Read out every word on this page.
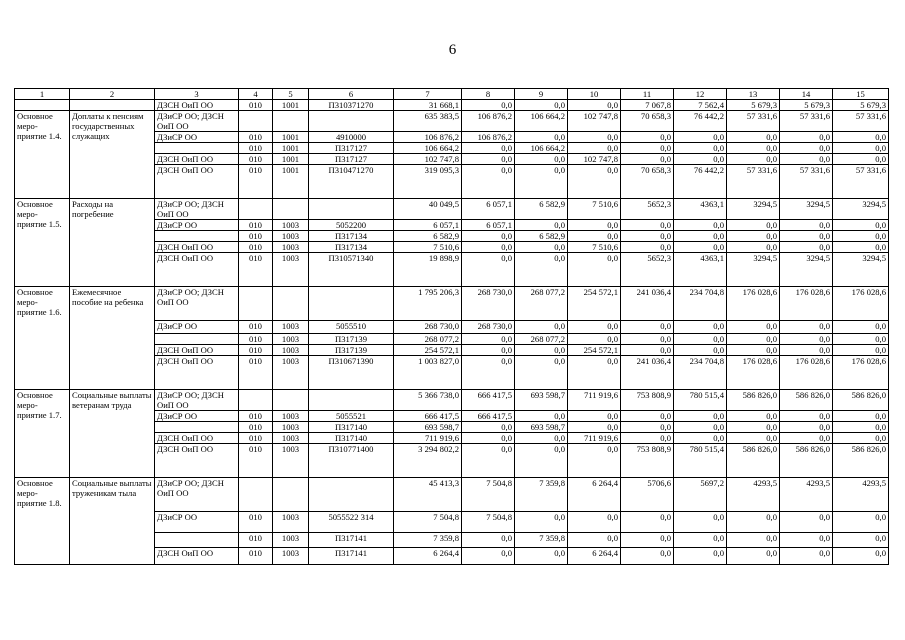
6
1	2	3	4	5	6	7	8	9	10	11	12	13	14	15
		ДЗСН ОиП ОО	010	1001	П310371270	31 668,1	0,0	0,0	0,0	7 067,8	7 562,4	5 679,3	5 679,3	5 679,3
Основное меро-приятие 1.4.	Доплаты к пенсиям государственных служащих	ДЗиСР ОО; ДЗСН ОиП ОО				635 383,5	106 876,2	106 664,2	102 747,8	70 658,3	76 442,2	57 331,6	57 331,6	57 331,6
		ДЗиСР ОО	010	1001	4910000	106 876,2	106 876,2	0,0	0,0	0,0	0,0	0,0	0,0	0,0
			010	1001	П317127	106 664,2	0,0	106 664,2	0,0	0,0	0,0	0,0	0,0	0,0
		ДЗСН ОиП ОО	010	1001	П317127	102 747,8	0,0	0,0	102 747,8	0,0	0,0	0,0	0,0	0,0
		ДЗСН ОиП ОО	010	1001	П310471270	319 095,3	0,0	0,0	0,0	70 658,3	76 442,2	57 331,6	57 331,6	57 331,6
Основное меро-приятие 1.5.	Расходы на погребение	ДЗиСР ОО; ДЗСН ОиП ОО				40 049,5	6 057,1	6 582,9	7 510,6	5652,3	4363,1	3294,5	3294,5	3294,5
		ДЗиСР ОО	010	1003	5052200	6 057,1	6 057,1	0,0	0,0	0,0	0,0	0,0	0,0	0,0
			010	1003	П317134	6 582,9	0,0	6 582,9	0,0	0,0	0,0	0,0	0,0	0,0
		ДЗСН ОиП ОО	010	1003	П317134	7 510,6	0,0	0,0	7 510,6	0,0	0,0	0,0	0,0	0,0
		ДЗСН ОиП ОО	010	1003	П310571340	19 898,9	0,0	0,0	0,0	5652,3	4363,1	3294,5	3294,5	3294,5
Основное меро-приятие 1.6.	Ежемесячное пособие на ребенка	ДЗиСР ОО; ДЗСН ОиП ОО				1 795 206,3	268 730,0	268 077,2	254 572,1	241 036,4	234 704,8	176 028,6	176 028,6	176 028,6
		ДЗиСР ОО	010	1003	5055510	268 730,0	268 730,0	0,0	0,0	0,0	0,0	0,0	0,0	0,0
			010	1003	П317139	268 077,2	0,0	268 077,2	0,0	0,0	0,0	0,0	0,0	0,0
		ДЗСН ОиП ОО	010	1003	П317139	254 572,1	0,0	0,0	254 572,1	0,0	0,0	0,0	0,0	0,0
		ДЗСН ОиП ОО	010	1003	П310671390	1 003 827,0	0,0	0,0	0,0	241 036,4	234 704,8	176 028,6	176 028,6	176 028,6
Основное меро-приятие 1.7.	Социальные выплаты ветеранам труда	ДЗиСР ОО; ДЗСН ОиП ОО				5 366 738,0	666 417,5	693 598,7	711 919,6	753 808,9	780 515,4	586 826,0	586 826,0	586 826,0
		ДЗиСР ОО	010	1003	5055521	666 417,5	666 417,5	0,0	0,0	0,0	0,0	0,0	0,0	0,0
			010	1003	П317140	693 598,7	0,0	693 598,7	0,0	0,0	0,0	0,0	0,0	0,0
		ДЗСН ОиП ОО	010	1003	П317140	711 919,6	0,0	0,0	711 919,6	0,0	0,0	0,0	0,0	0,0
		ДЗСН ОиП ОО	010	1003	П310771400	3 294 802,2	0,0	0,0	0,0	753 808,9	780 515,4	586 826,0	586 826,0	586 826,0
Основное меро-приятие 1.8.	Социальные выплаты труженикам тыла	ДЗиСР ОО; ДЗСН ОиП ОО				45 413,3	7 504,8	7 359,8	6 264,4	5706,6	5697,2	4293,5	4293,5	4293,5
		ДЗиСР ОО	010	1003	5055522 314	7 504,8	7 504,8	0,0	0,0	0,0	0,0	0,0	0,0	0,0
			010	1003	П317141	7 359,8	0,0	7 359,8	0,0	0,0	0,0	0,0	0,0	0,0
		ДЗСН ОиП ОО	010	1003	П317141	6 264,4	0,0	0,0	6 264,4	0,0	0,0	0,0	0,0	0,0
